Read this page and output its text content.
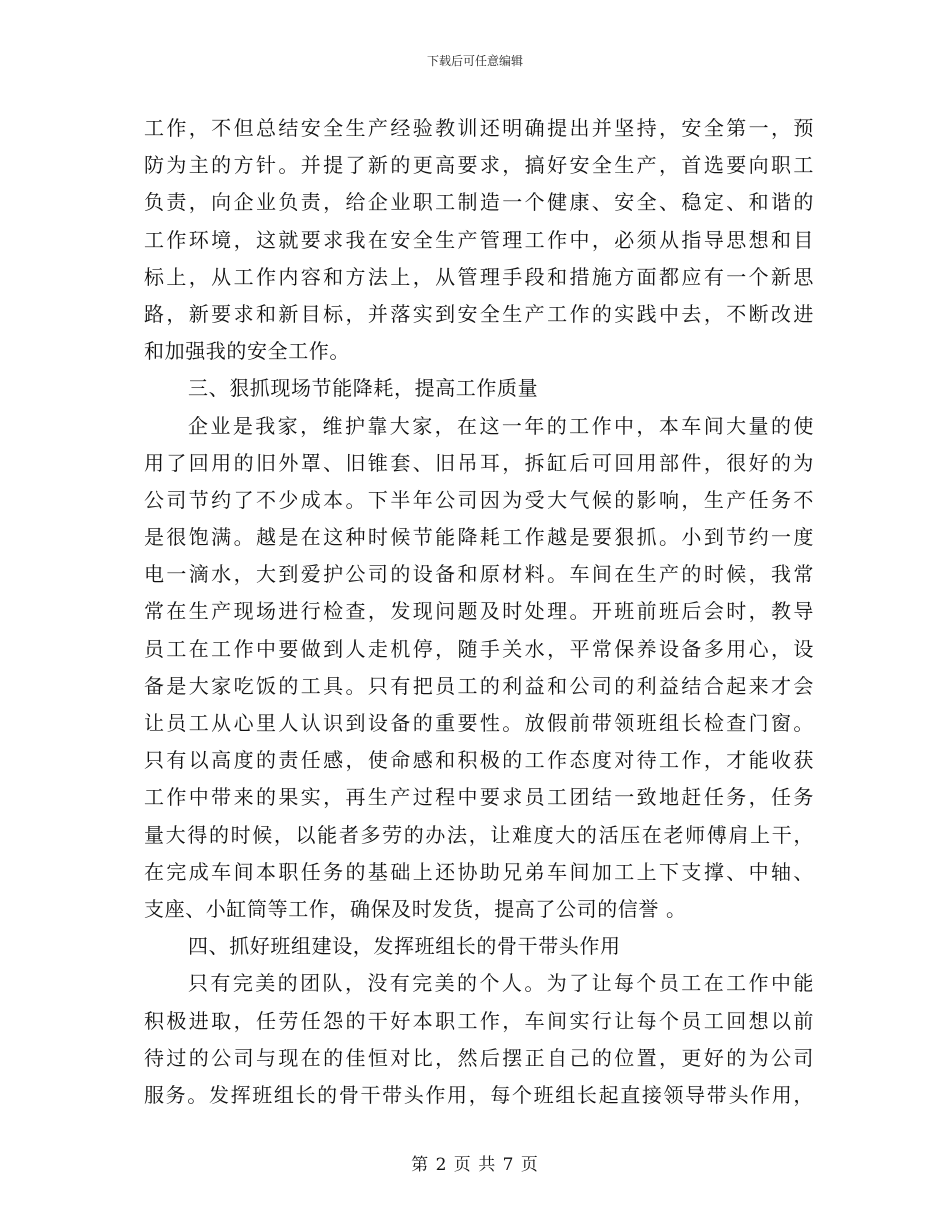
下载后可任意编辑
工作，不但总结安全生产经验教训还明确提出并坚持，安全第一，预
防为主的方针。并提了新的更高要求，搞好安全生产，首选要向职工
负责，向企业负责，给企业职工制造一个健康、安全、稳定、和谐的
工作环境，这就要求我在安全生产管理工作中，必须从指导思想和目
标上，从工作内容和方法上，从管理手段和措施方面都应有一个新思
路，新要求和新目标，并落实到安全生产工作的实践中去，不断改进
和加强我的安全工作。
三、狠抓现场节能降耗，提高工作质量
企业是我家，维护靠大家，在这一年的工作中，本车间大量的使
用了回用的旧外罩、旧锥套、旧吊耳，拆缸后可回用部件，很好的为
公司节约了不少成本。下半年公司因为受大气候的影响，生产任务不
是很饱满。越是在这种时候节能降耗工作越是要狠抓。小到节约一度
电一滴水，大到爱护公司的设备和原材料。车间在生产的时候，我常
常在生产现场进行检查，发现问题及时处理。开班前班后会时，教导
员工在工作中要做到人走机停，随手关水，平常保养设备多用心，设
备是大家吃饭的工具。只有把员工的利益和公司的利益结合起来才会
让员工从心里人认识到设备的重要性。放假前带领班组长检查门窗。
只有以高度的责任感，使命感和积极的工作态度对待工作，才能收获
工作中带来的果实，再生产过程中要求员工团结一致地赶任务，任务
量大得的时候，以能者多劳的办法，让难度大的活压在老师傅肩上干，
在完成车间本职任务的基础上还协助兄弟车间加工上下支撑、中轴、
支座、小缸筒等工作，确保及时发货，提高了公司的信誉 。
四、抓好班组建设，发挥班组长的骨干带头作用
只有完美的团队，没有完美的个人。为了让每个员工在工作中能
积极进取，任劳任怨的干好本职工作，车间实行让每个员工回想以前
待过的公司与现在的佳恒对比，然后摆正自己的位置，更好的为公司
服务。发挥班组长的骨干带头作用，每个班组长起直接领导带头作用，
第 2 页 共 7 页
